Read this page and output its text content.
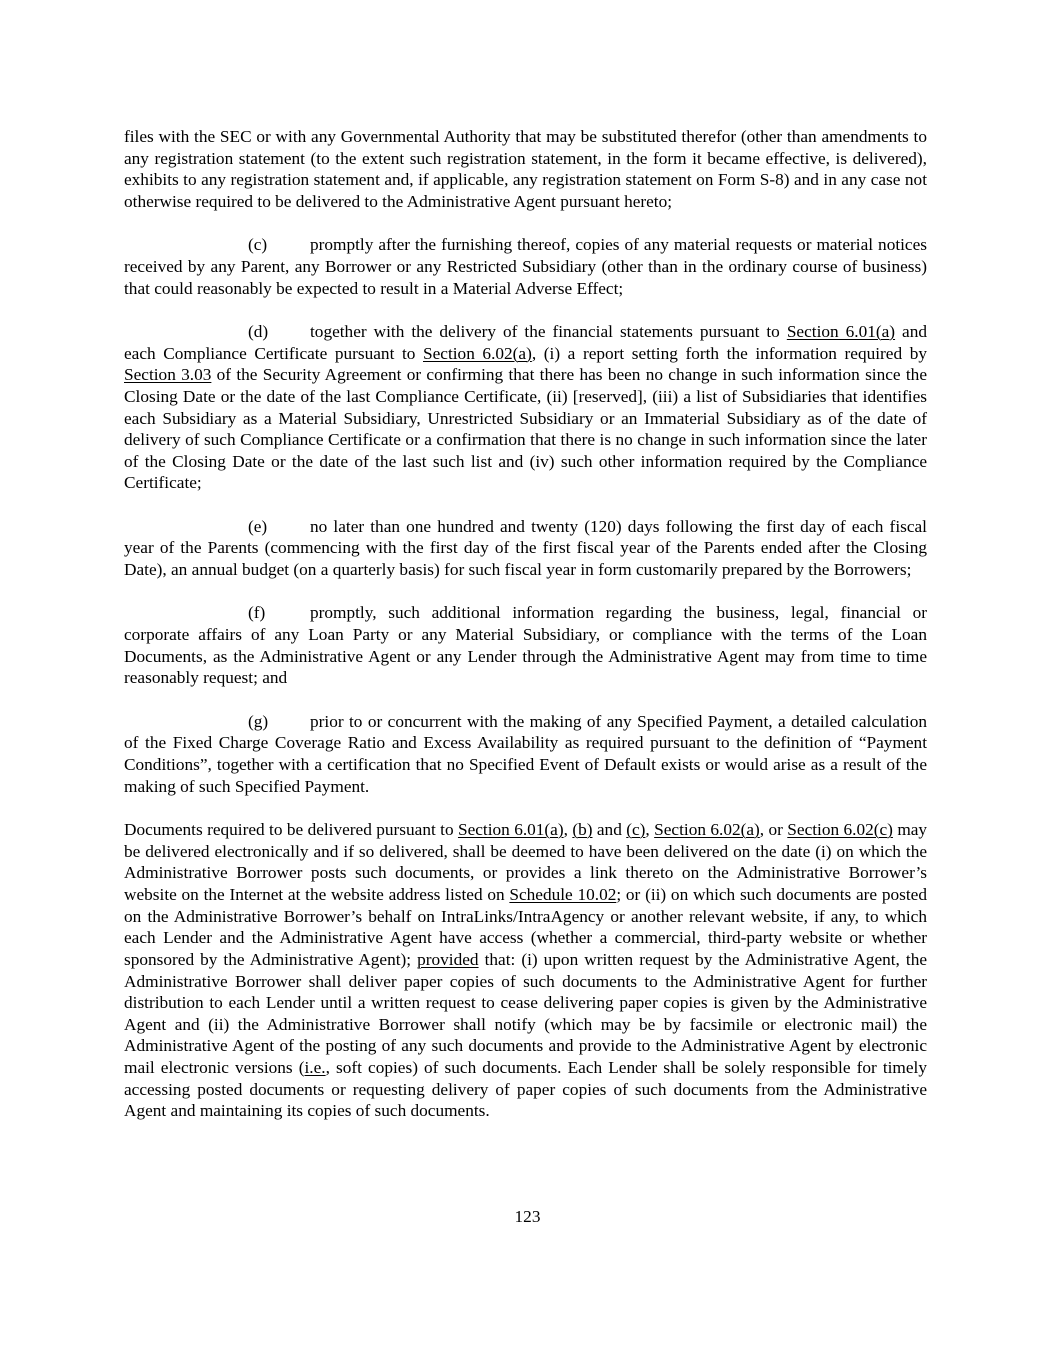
files with the SEC or with any Governmental Authority that may be substituted therefor (other than amendments to any registration statement (to the extent such registration statement, in the form it became effective, is delivered), exhibits to any registration statement and, if applicable, any registration statement on Form S-8) and in any case not otherwise required to be delivered to the Administrative Agent pursuant hereto;

(c) promptly after the furnishing thereof, copies of any material requests or material notices received by any Parent, any Borrower or any Restricted Subsidiary (other than in the ordinary course of business) that could reasonably be expected to result in a Material Adverse Effect;

(d) together with the delivery of the financial statements pursuant to Section 6.01(a) and each Compliance Certificate pursuant to Section 6.02(a), (i) a report setting forth the information required by Section 3.03 of the Security Agreement or confirming that there has been no change in such information since the Closing Date or the date of the last Compliance Certificate, (ii) [reserved], (iii) a list of Subsidiaries that identifies each Subsidiary as a Material Subsidiary, Unrestricted Subsidiary or an Immaterial Subsidiary as of the date of delivery of such Compliance Certificate or a confirmation that there is no change in such information since the later of the Closing Date or the date of the last such list and (iv) such other information required by the Compliance Certificate;

(e) no later than one hundred and twenty (120) days following the first day of each fiscal year of the Parents (commencing with the first day of the first fiscal year of the Parents ended after the Closing Date), an annual budget (on a quarterly basis) for such fiscal year in form customarily prepared by the Borrowers;

(f)	promptly, such additional information regarding the business, legal, financial or corporate affairs of any Loan Party or any Material Subsidiary, or compliance with the terms of the Loan Documents, as the Administrative Agent or any Lender through the Administrative Agent may from time to time reasonably request; and

(g) prior to or concurrent with the making of any Specified Payment, a detailed calculation of the Fixed Charge Coverage Ratio and Excess Availability as required pursuant to the definition of “Payment Conditions”, together with a certification that no Specified Event of Default exists or would arise as a result of the making of such Specified Payment.

Documents required to be delivered pursuant to Section 6.01(a), (b) and (c), Section 6.02(a), or Section 6.02(c) may be delivered electronically and if so delivered, shall be deemed to have been delivered on the date (i) on which the Administrative Borrower posts such documents, or provides a link thereto on the Administrative Borrower’s website on the Internet at the website address listed on Schedule 10.02; or (ii) on which such documents are posted on the Administrative Borrower’s behalf on IntraLinks/IntraAgency or another relevant website, if any, to which each Lender and the Administrative Agent have access (whether a commercial, third-party website or whether sponsored by the Administrative Agent); provided that: (i) upon written request by the Administrative Agent, the Administrative Borrower shall deliver paper copies of such documents to the Administrative Agent for further distribution to each Lender until a written request to cease delivering paper copies is given by the Administrative Agent and (ii) the Administrative Borrower shall notify (which may be by facsimile or electronic mail) the Administrative Agent of the posting of any such documents and provide to the Administrative Agent by electronic mail electronic versions (i.e., soft copies) of such documents. Each Lender shall be solely responsible for timely accessing posted documents or requesting delivery of paper copies of such documents from the Administrative Agent and maintaining its copies of such documents.

123
